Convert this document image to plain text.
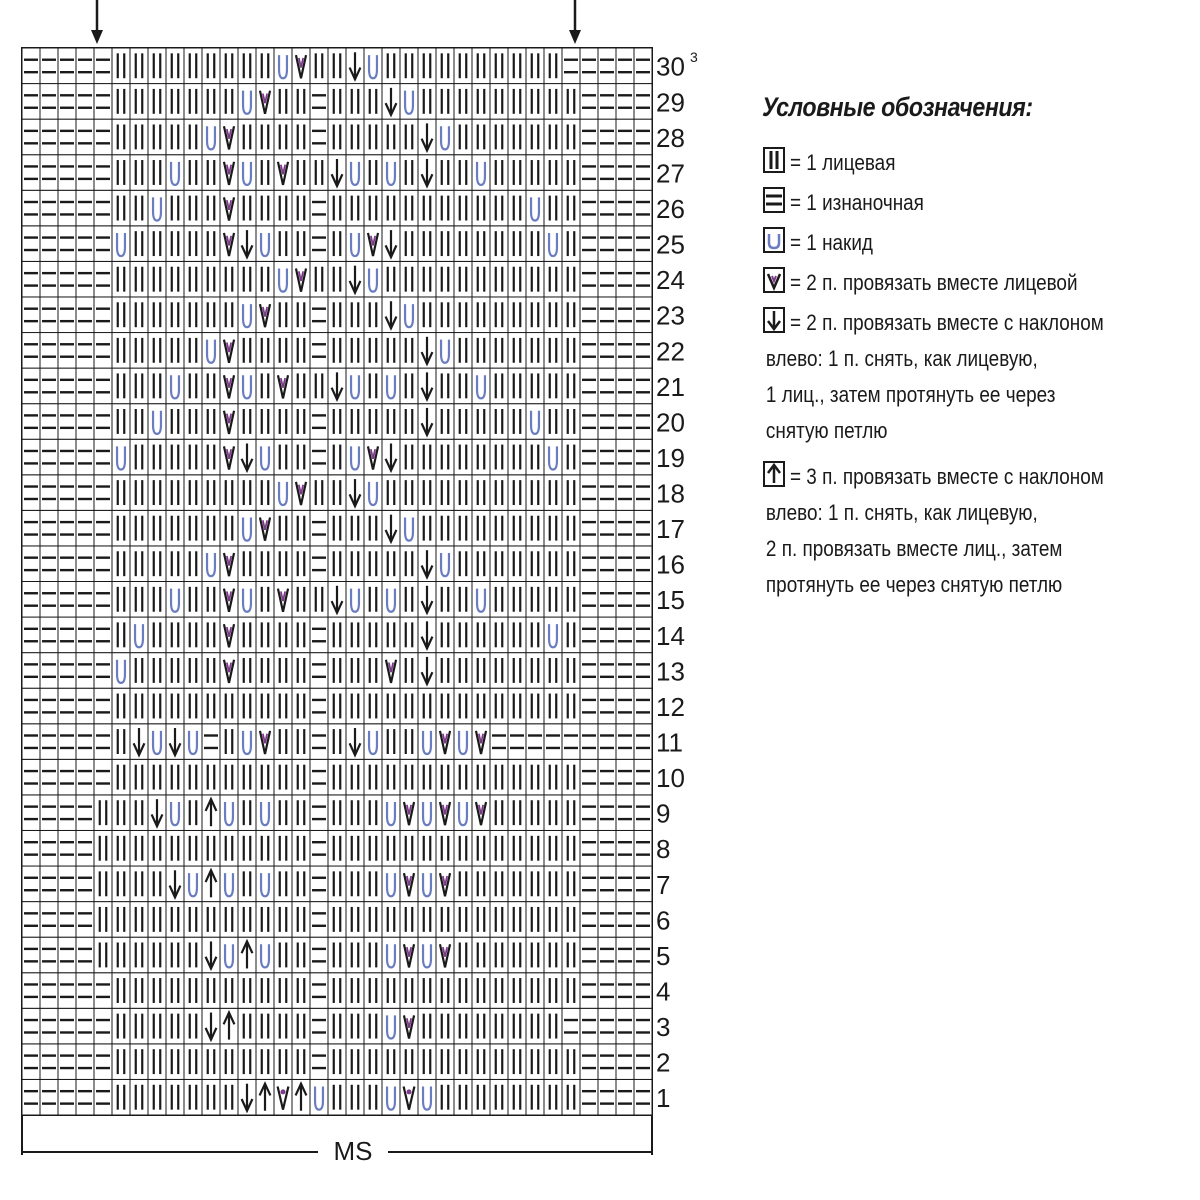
1
2
3
4
5
6
7
8
9
10
11
12
13
14
15
16
17
18
19
20
21
22
23
24
25
26
27
28
29
30 3
MS
Условные обозначения:
= 1 лицевая
= 1 изнаночная
= 1 накид
= 2 п. провязать вместе лицевой
= 2 п. провязать вместе с наклоном
влево: 1 п. снять, как лицевую,
1 лиц., затем протянуть ее через
снятую петлю
= 3 п. провязать вместе с наклоном
влево: 1 п. снять, как лицевую,
2 п. провязать вместе лиц., затем
протянуть ее через снятую петлю
